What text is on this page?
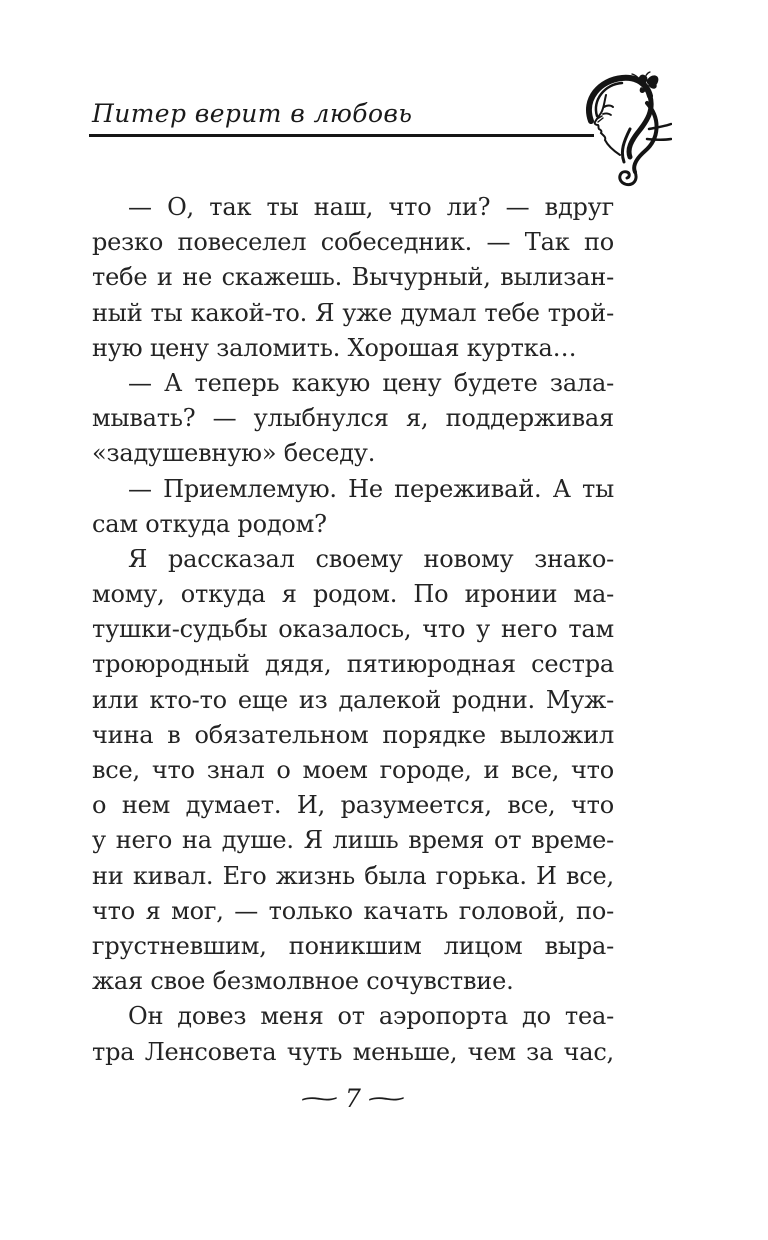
Питер верит в любовь
— О, так ты наш, что ли? — вдруг
резко повеселел собеседник. — Так по
тебе и не скажешь. Вычурный, вылизан-
ный ты какой-то. Я уже думал тебе трой-
ную цену заломить. Хорошая куртка…
— А теперь какую цену будете зала-
мывать? — улыбнулся я, поддерживая
«задушевную» беседу.
— Приемлемую. Не переживай. А ты
сам откуда родом?
Я рассказал своему новому знако-
мому, откуда я родом. По иронии ма-
тушки-судьбы оказалось, что у него там
троюродный дядя, пятиюродная сестра
или кто-то еще из далекой родни. Муж-
чина в обязательном порядке выложил
все, что знал о моем городе, и все, что
о нем думает. И, разумеется, все, что
у него на душе. Я лишь время от време-
ни кивал. Его жизнь была горька. И все,
что я мог, — только качать головой, по-
грустневшим, поникшим лицом выра-
жая свое безмолвное сочувствие.
Он довез меня от аэропорта до теа-
тра Ленсовета чуть меньше, чем за час,
~7~
